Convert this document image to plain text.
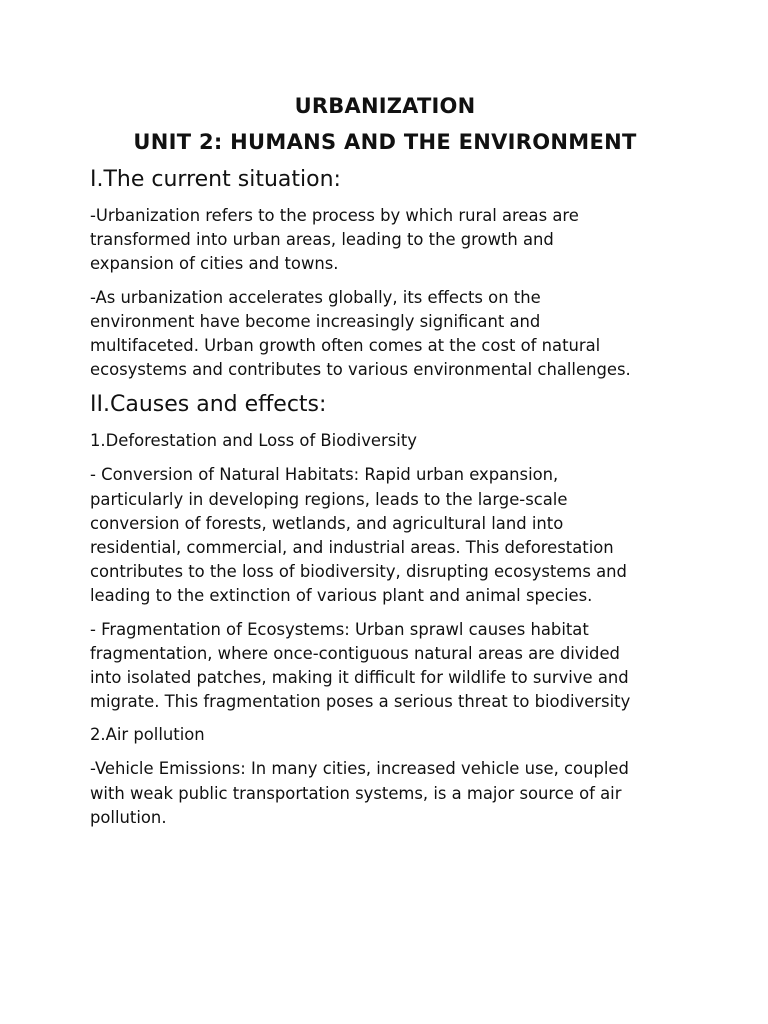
URBANIZATION
UNIT 2: HUMANS AND THE ENVIRONMENT
I.The current situation:
-Urbanization refers to the process by which rural areas are
transformed into urban areas, leading to the growth and
expansion of cities and towns.
-As urbanization accelerates globally, its effects on the
environment have become increasingly significant and
multifaceted. Urban growth often comes at the cost of natural
ecosystems and contributes to various environmental challenges.
II.Causes and effects:
1.Deforestation and Loss of Biodiversity
- Conversion of Natural Habitats: Rapid urban expansion,
particularly in developing regions, leads to the large-scale
conversion of forests, wetlands, and agricultural land into
residential, commercial, and industrial areas. This deforestation
contributes to the loss of biodiversity, disrupting ecosystems and
leading to the extinction of various plant and animal species.
- Fragmentation of Ecosystems: Urban sprawl causes habitat
fragmentation, where once-contiguous natural areas are divided
into isolated patches, making it difficult for wildlife to survive and
migrate. This fragmentation poses a serious threat to biodiversity
2.Air pollution
-Vehicle Emissions: In many cities, increased vehicle use, coupled
with weak public transportation systems, is a major source of air
pollution.
